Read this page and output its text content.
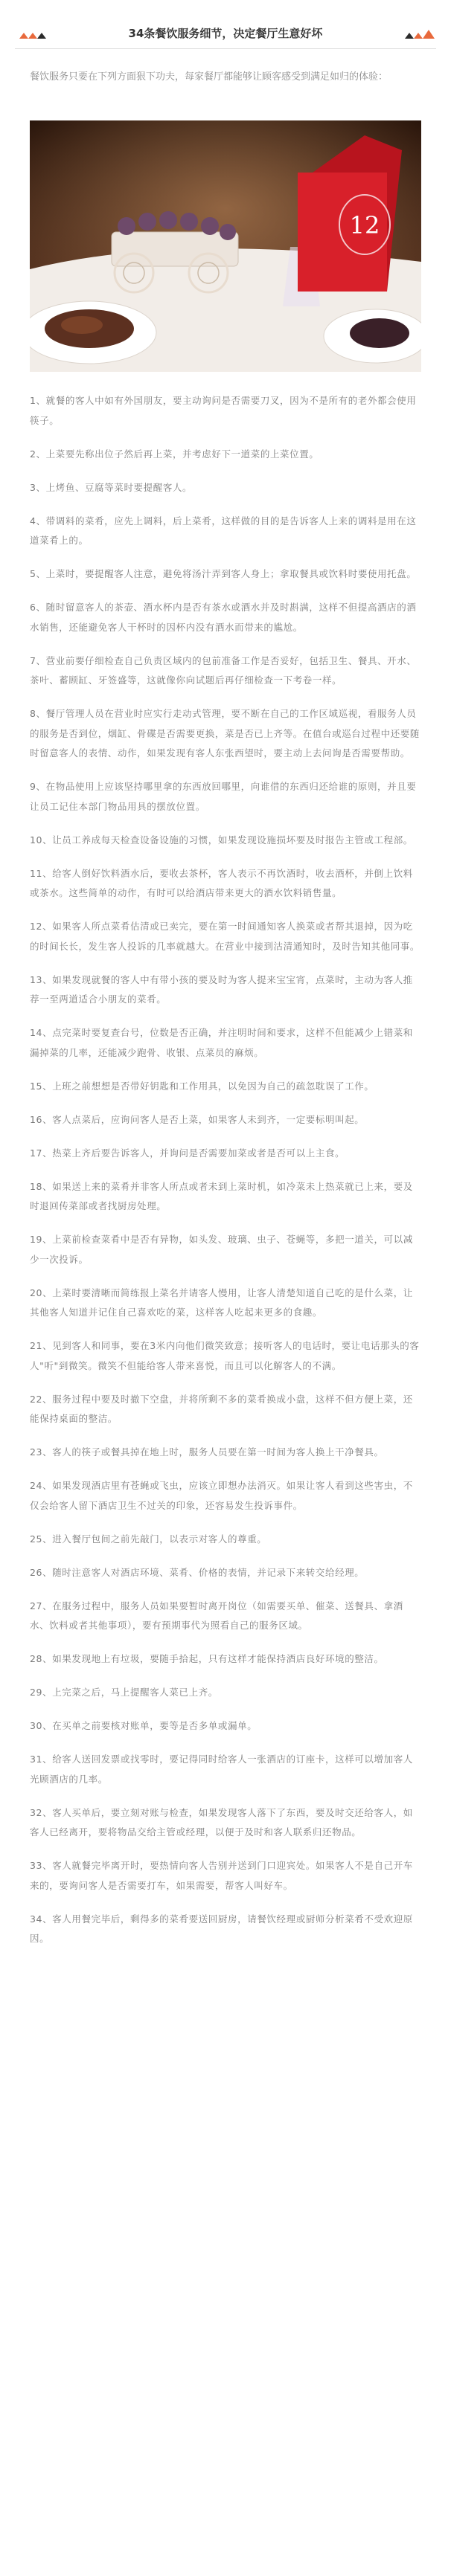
34条餐饮服务细节，决定餐厅生意好坏
餐饮服务只要在下列方面狠下功夫，每家餐厅都能够让顾客感受到满足如归的体验：
12

1、就餐的客人中如有外国朋友，要主动询问是否需要刀叉，因为不是所有的老外都会使用筷子。

2、上菜要先称出位子然后再上菜，并考虑好下一道菜的上菜位置。

3、上烤鱼、豆腐等菜时要提醒客人。

4、带调料的菜肴，应先上调料，后上菜肴，这样做的目的是告诉客人上来的调料是用在这道菜肴上的。

5、上菜时，要提醒客人注意，避免将汤汁弄到客人身上；拿取餐具或饮料时要使用托盘。

6、随时留意客人的茶壶、酒水杯内是否有茶水或酒水并及时斟满，这样不但提高酒店的酒水销售，还能避免客人干杯时的因杯内没有酒水而带来的尴尬。

7、营业前要仔细检查自己负责区域内的包前准备工作是否妥好，包括卫生、餐具、开水、茶叶、蓄顾缸、牙签盛等，这就像你向试题后再仔细检查一下考卷一样。

8、餐厅管理人员在营业时应实行走动式管理，要不断在自己的工作区域巡视，看服务人员的服务是否到位，烟缸、骨碟是否需要更换，菜是否已上齐等。在值台或巡台过程中还要随时留意客人的表情、动作，如果发现有客人东张西望时，要主动上去问询是否需要帮助。

9、在物品使用上应该坚持哪里拿的东西放回哪里，向谁借的东西归还给谁的原则，并且要让员工记住本部门物品用具的摆放位置。

10、让员工养成每天检查设备设施的习惯，如果发现设施损坏要及时报告主管或工程部。

11、给客人倒好饮料酒水后，要收去茶杯，客人表示不再饮酒时，收去酒杯，并倒上饮料或茶水。这些简单的动作，有时可以给酒店带来更大的酒水饮料销售量。

12、如果客人所点菜肴估清或已卖完，要在第一时间通知客人换菜或者帮其退掉，因为吃的时间长长，发生客人投诉的几率就越大。在营业中接到沽清通知时，及时告知其他同事。

13、如果发现就餐的客人中有带小孩的要及时为客人提来宝宝宵，点菜时，主动为客人推荐一至两道适合小朋友的菜肴。

14、点完菜时要复查台号，位数是否正确，并注明时间和要求，这样不但能减少上错菜和漏掉菜的几率，还能减少跑骨、收银、点菜员的麻烦。

15、上班之前想想是否带好钥匙和工作用具，以免因为自己的疏忽耽误了工作。

16、客人点菜后，应询问客人是否上菜，如果客人未到齐，一定要标明叫起。

17、热菜上齐后要告诉客人，并询问是否需要加菜或者是否可以上主食。

18、如果送上来的菜肴并非客人所点或者未到上菜时机，如冷菜未上热菜就已上来，要及时退回传菜部或者找厨房处理。

19、上菜前检查菜肴中是否有异物，如头发、玻璃、虫子、苍蝇等，多把一道关，可以减少一次投诉。

20、上菜时要清晰而简练报上菜名并请客人慢用，让客人清楚知道自己吃的是什么菜，让其他客人知道并记住自己喜欢吃的菜，这样客人吃起来更多的食趣。

21、见到客人和同事，要在3米内向他们微笑致意；接听客人的电话时，要让电话那头的客人"听"到微笑。微笑不但能给客人带来喜悦，而且可以化解客人的不满。

22、服务过程中要及时撤下空盘，并将所剩不多的菜肴换成小盘，这样不但方便上菜，还能保持桌面的整洁。

23、客人的筷子或餐具掉在地上时，服务人员要在第一时间为客人换上干净餐具。

24、如果发现酒店里有苍蝇或飞虫，应该立即想办法消灭。如果让客人看到这些害虫，不仅会给客人留下酒店卫生不过关的印象，还容易发生投诉事件。

25、进入餐厅包间之前先敲门，以表示对客人的尊重。

26、随时注意客人对酒店环境、菜肴、价格的表情，并记录下来转交给经理。

27、在服务过程中，服务人员如果要暂时离开岗位（如需要买单、催菜、送餐具、拿酒水、饮料或者其他事项），要有预期事代为照看自己的服务区域。

28、如果发现地上有垃圾，要随手拾起，只有这样才能保持酒店良好环境的整洁。

29、上完菜之后，马上提醒客人菜已上齐。

30、在买单之前要核对账单，要等是否多单或漏单。

31、给客人送回发票或找零时，要记得同时给客人一张酒店的订座卡，这样可以增加客人光顾酒店的几率。

32、客人买单后，要立刻对账与检查，如果发现客人落下了东西，要及时交还给客人，如客人已经离开，要将物品交给主管或经理，以便于及时和客人联系归还物品。

33、客人就餐完毕离开时，要热情向客人告别并送到门口迎宾处。如果客人不是自己开车来的，要询问客人是否需要打车，如果需要，帮客人叫好车。

34、客人用餐完毕后，剩得多的菜肴要送回厨房，请餐饮经理或厨师分析菜肴不受欢迎原因。
